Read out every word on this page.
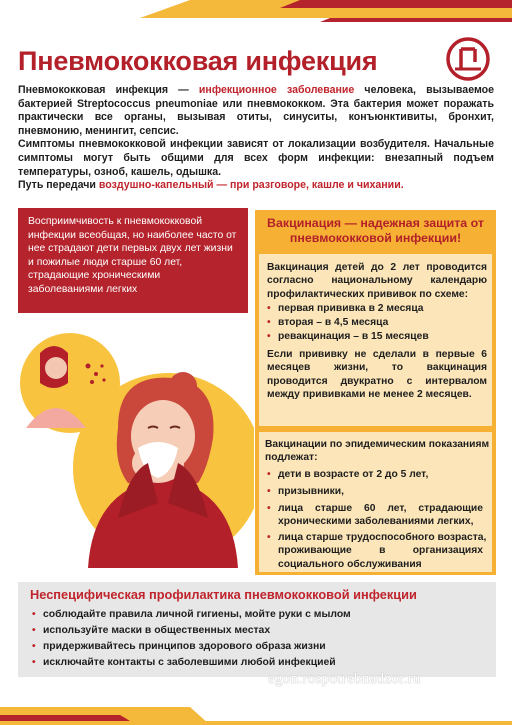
Пневмококковая инфекция

Пневмококковая инфекция — инфекционное заболевание человека, вызываемое бактерией Streptococcus pneumoniae или пневмококком. Эта бактерия может поражать практически все органы, вызывая отиты, синуситы, конъюнктивиты, бронхит, пневмонию, менингит, сепсис.

Симптомы пневмококковой инфекции зависят от локализации возбудителя. Начальные симптомы могут быть общими для всех форм инфекции: внезапный подъем температуры, озноб, кашель, одышка.

Путь передачи воздушно-капельный — при разговоре, кашле и чихании.

Восприимчивость к пневмококковой инфекции всеобщая, но наиболее часто от нее страдают дети первых двух лет жизни и пожилые люди старше 60 лет, страдающие хроническими заболеваниями легких
Вакцинация — надежная защита от
пневмококковой инфекции!
Вакцинация детей до 2 лет проводится
согласно национальному календарю
профилактических прививок по схеме:
• первая прививка в 2 месяца
• вторая – в 4,5 месяца
• ревакцинация – в 15 месяцев
Если прививку не сделали в первые 6
месяцев жизни, то вакцинация
проводится двукратно с интервалом
между прививками не менее 2 месяцев.
Вакцинации по эпидемическим показаниям
подлежат:
• дети в возрасте от 2 до 5 лет,
• призывники,
• лица старше 60 лет, страдающие
хроническими заболеваниями легких,
• лица старше трудоспособного возраста,
проживающие в организациях
социального обслуживания
Неспецифическая профилактика пневмококковой инфекции
• соблюдайте правила личной гигиены, мойте руки с мылом
• используйте маски в общественных местах
• придерживайтесь принципов здорового образа жизни
• исключайте контакты с заболевшими любой инфекцией
egon.rospotrebnadzor.ru
